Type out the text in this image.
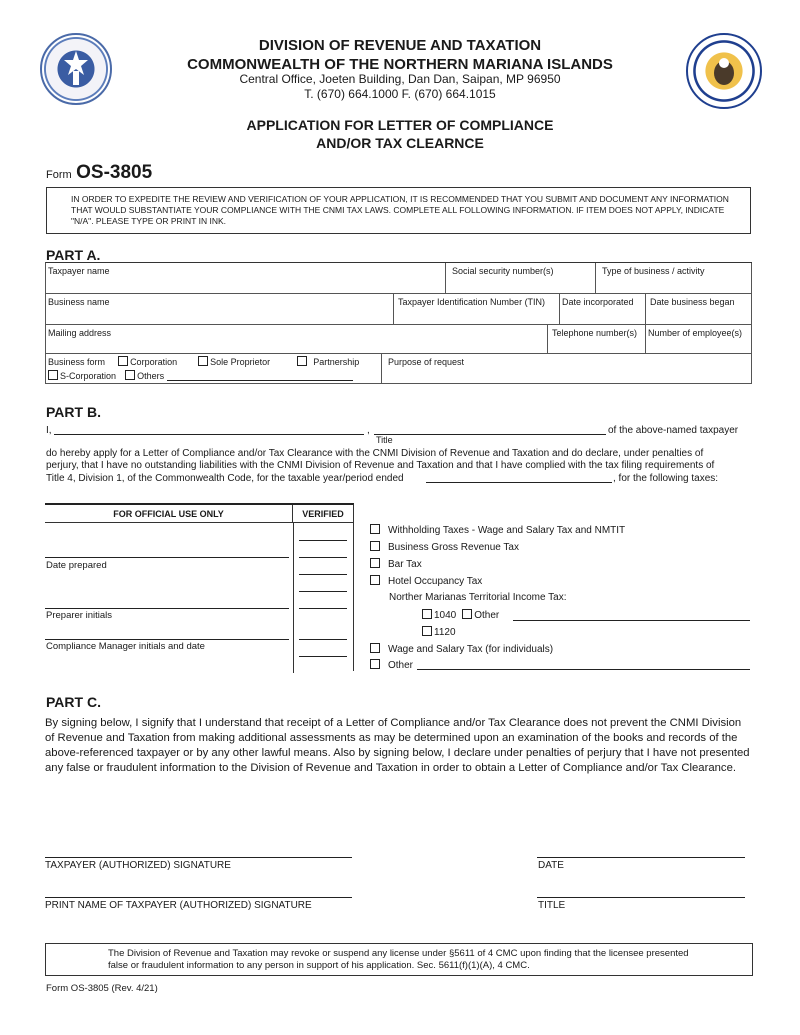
DIVISION OF REVENUE AND TAXATION
COMMONWEALTH OF THE NORTHERN MARIANA ISLANDS
Central Office, Joeten Building, Dan Dan, Saipan, MP 96950
T. (670) 664.1000 F. (670) 664.1015
APPLICATION FOR LETTER OF COMPLIANCE
AND/OR TAX CLEARNCE
Form OS-3805
IN ORDER TO EXPEDITE THE REVIEW AND VERIFICATION OF YOUR APPLICATION, IT IS RECOMMENDED THAT YOU SUBMIT AND DOCUMENT ANY INFORMATION THAT WOULD SUBSTANTIATE YOUR COMPLIANCE WITH THE CNMI TAX LAWS. COMPLETE ALL FOLLOWING INFORMATION. IF ITEM DOES NOT APPLY, INDICATE "N/A". PLEASE TYPE OR PRINT IN INK.
PART A.
Taxpayer name	Social security number(s)	Type of business / activity
Business name	Taxpayer Identification Number (TIN)	Date incorporated	Date business began
Mailing address	Telephone number(s)	Number of employee(s)
Business form	Corporation	Sole Proprietor	Partnership
S-Corporation Others
Purpose of request
PART B.
I,	,	of the above-named taxpayer
Title
do hereby apply for a Letter of Compliance and/or Tax Clearance with the CNMI Division of Revenue and Taxation and do declare, under penalties of
perjury, that I have no outstanding liabilities with the CNMI Division of Revenue and Taxation and that I have complied with the tax filing requirements of
Title 4, Division 1, of the Commonwealth Code, for the taxable year/period ended	, for the following taxes:
FOR OFFICIAL USE ONLY	VERIFIED
Date prepared
Preparer initials
Compliance Manager initials and date
Withholding Taxes - Wage and Salary Tax and NMTIT
Business Gross Revenue Tax
Bar Tax
Hotel Occupancy Tax
Norther Marianas Territorial Income Tax:
1040 Other
1120
Wage and Salary Tax (for individuals)
Other
PART C.
By signing below, I signify that I understand that receipt of a Letter of Compliance and/or Tax Clearance does not prevent the CNMI Division of Revenue and Taxation from making additional assessments as may be determined upon an examination of the books and records of the above-referenced taxpayer or by any other lawful means. Also by signing below, I declare under penalties of perjury that I have not presented any false or fraudulent information to the Division of Revenue and Taxation in order to obtain a Letter of Compliance and/or Tax Clearance.
TAXPAYER (AUTHORIZED) SIGNATURE	DATE
PRINT NAME OF TAXPAYER (AUTHORIZED) SIGNATURE	TITLE
The Division of Revenue and Taxation may revoke or suspend any license under §5611 of 4 CMC upon finding that the licensee presented false or fraudulent information to any person in support of his application. Sec. 5611(f)(1)(A), 4 CMC.
Form OS-3805 (Rev. 4/21)
